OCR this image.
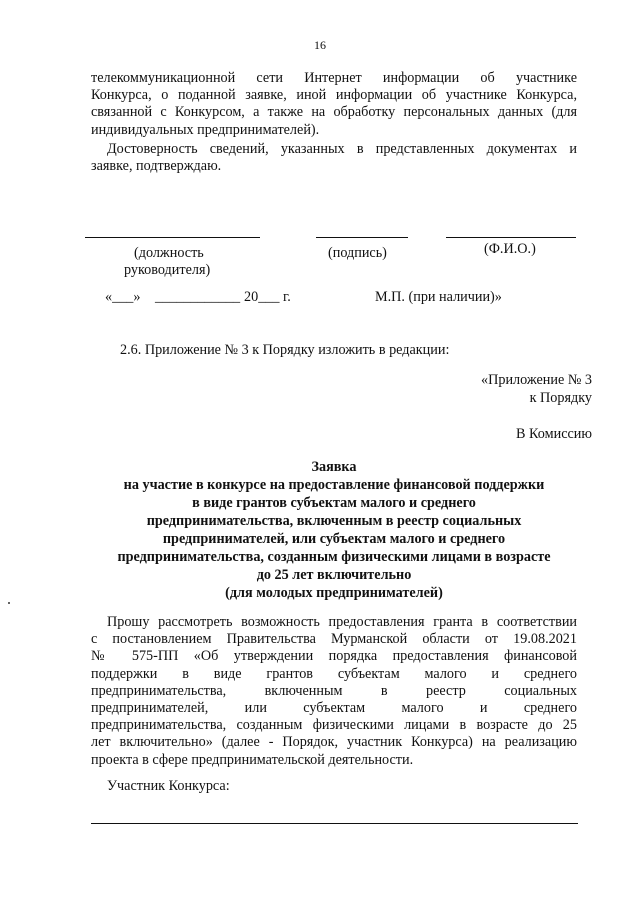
16
телекоммуникационной сети Интернет информации об участнике
Конкурса, о поданной заявке, иной информации об участнике Конкурса,
связанной с Конкурсом, а также на обработку персональных данных (для
индивидуальных предпринимателей).
Достоверность сведений, указанных в представленных документах и
заявке, подтверждаю.
(должность
руководителя)
(подпись)	(Ф.И.О.)
«___» ____________ 20___ г.	М.П. (при наличии)»
2.6. Приложение № 3 к Порядку изложить в редакции:
«Приложение № 3
к Порядку
В Комиссию
Заявка
на участие в конкурсе на предоставление финансовой поддержки
в виде грантов субъектам малого и среднего
предпринимательства, включенным в реестр социальных
предпринимателей, или субъектам малого и среднего
предпринимательства, созданным физическими лицами в возрасте
до 25 лет включительно
(для молодых предпринимателей)
Прошу рассмотреть возможность предоставления гранта в соответствии
с постановлением Правительства Мурманской области от 19.08.2021
№ 575-ПП «Об утверждении порядка предоставления финансовой
поддержки в виде грантов субъектам малого и среднего
предпринимательства, включенным в реестр социальных
предпринимателей, или субъектам малого и среднего
предпринимательства, созданным физическими лицами в возрасте до 25
лет включительно» (далее - Порядок, участник Конкурса) на реализацию
проекта в сфере предпринимательской деятельности.
Участник Конкурса:
